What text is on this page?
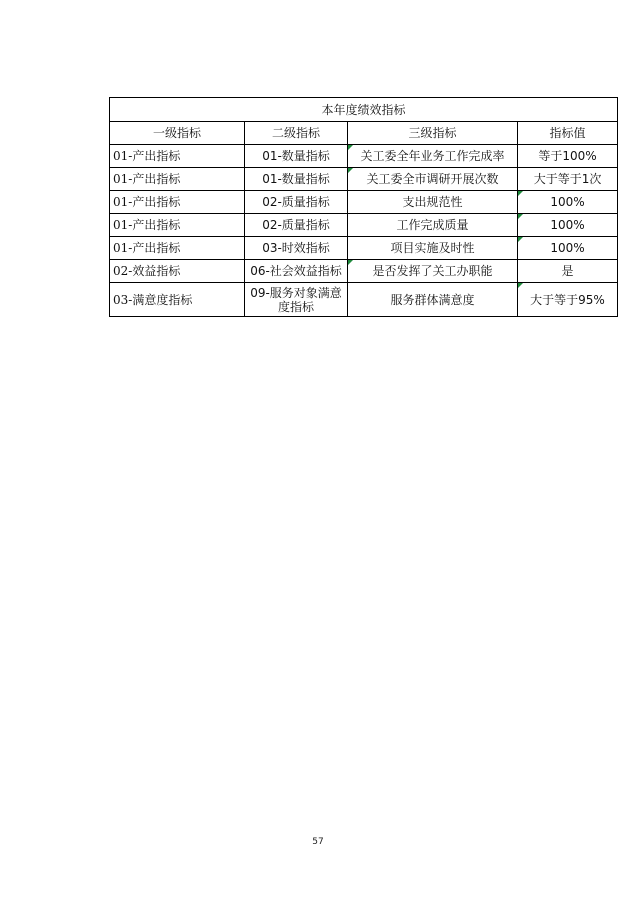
本年度绩效指标			
一级指标	二级指标	三级指标	指标值
01-产出指标	01-数量指标	关工委全年业务工作完成率	等于100%
01-产出指标	01-数量指标	关工委全市调研开展次数	大于等于1次
01-产出指标	02-质量指标	支出规范性	100%
01-产出指标	02-质量指标	工作完成质量	100%
01-产出指标	03-时效指标	项目实施及时性	100%
02-效益指标	06-社会效益指标	是否发挥了关工办职能	是
03-满意度指标	09-服务对象满意度指标	服务群体满意度	大于等于95%
57
